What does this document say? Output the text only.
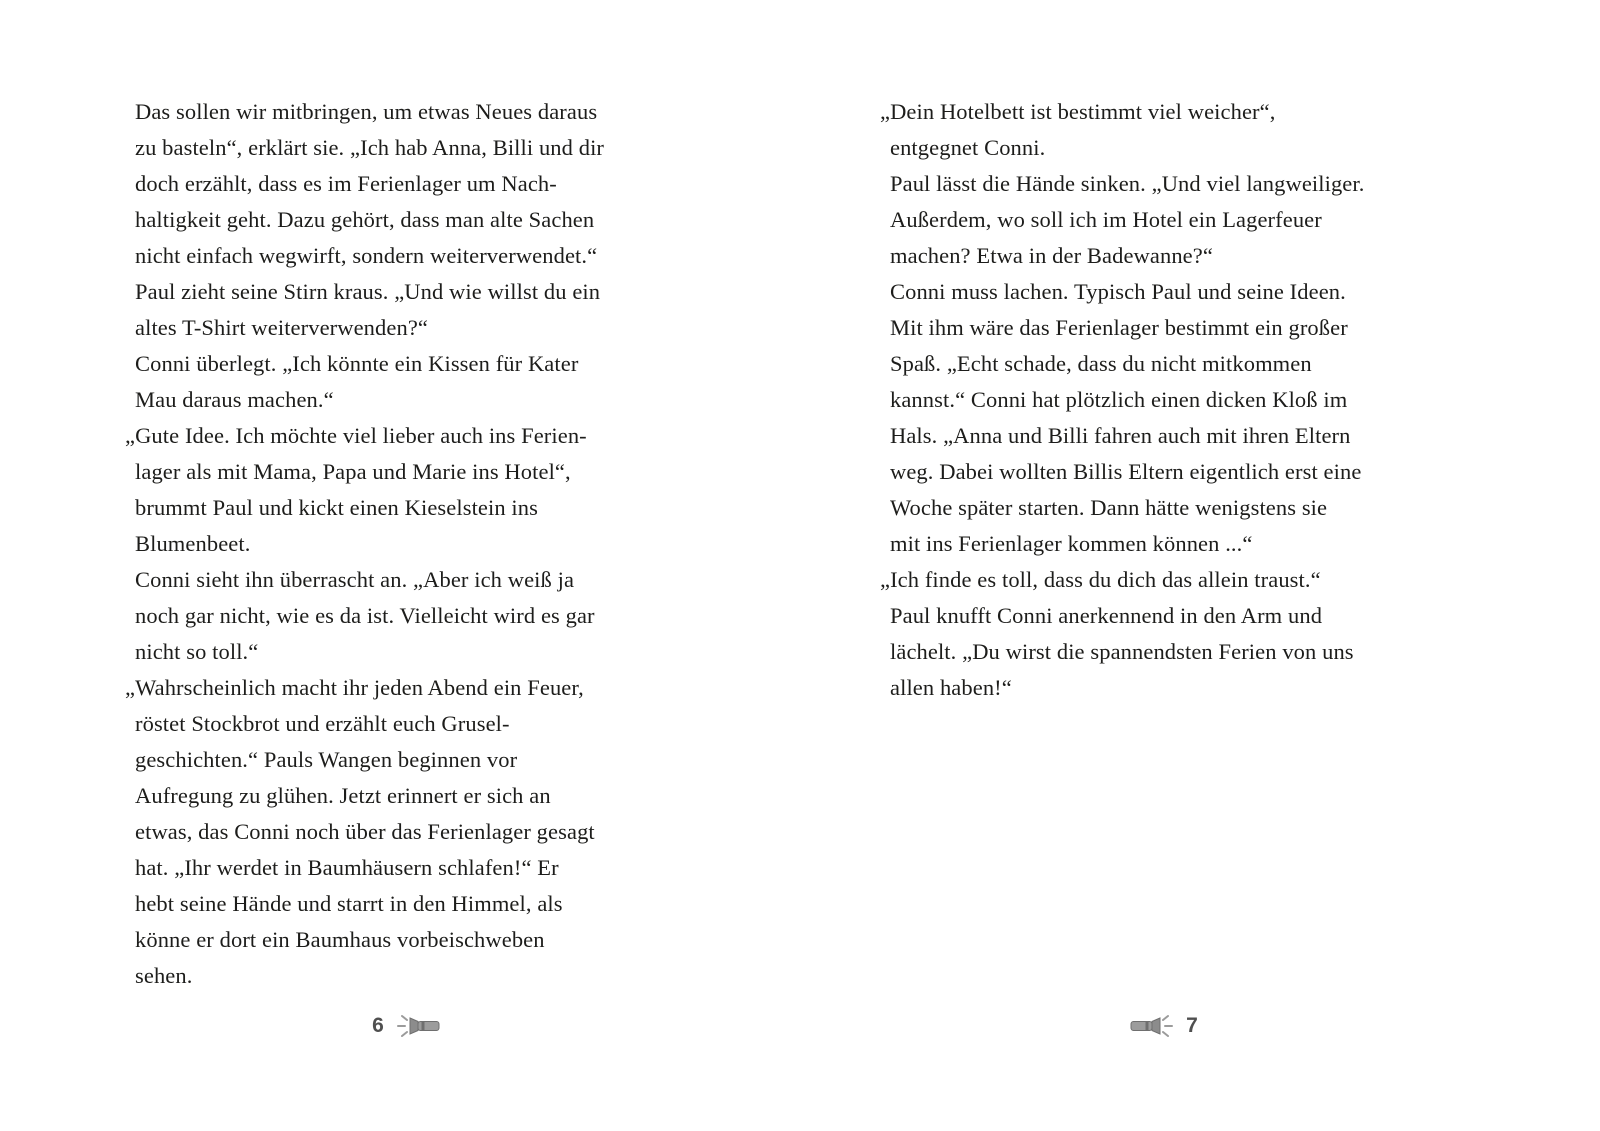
Das sollen wir mitbringen, um etwas Neues daraus
zu basteln“, erklärt sie. „Ich hab Anna, Billi und dir
doch erzählt, dass es im Ferienlager um Nach-
haltigkeit geht. Dazu gehört, dass man alte Sachen
nicht einfach wegwirft, sondern weiterverwendet.“
Paul zieht seine Stirn kraus. „Und wie willst du ein
altes T-Shirt weiterverwenden?“
Conni überlegt. „Ich könnte ein Kissen für Kater
Mau daraus machen.“
„Gute Idee. Ich möchte viel lieber auch ins Ferien-
lager als mit Mama, Papa und Marie ins Hotel“,
brummt Paul und kickt einen Kieselstein ins
Blumenbeet.
Conni sieht ihn überrascht an. „Aber ich weiß ja
noch gar nicht, wie es da ist. Vielleicht wird es gar
nicht so toll.“
„Wahrscheinlich macht ihr jeden Abend ein Feuer,
röstet Stockbrot und erzählt euch Grusel-
geschichten.“ Pauls Wangen beginnen vor
Aufregung zu glühen. Jetzt erinnert er sich an
etwas, das Conni noch über das Ferienlager gesagt
hat. „Ihr werdet in Baumhäusern schlafen!“ Er
hebt seine Hände und starrt in den Himmel, als
könne er dort ein Baumhaus vorbeischweben
sehen.
6
„Dein Hotelbett ist bestimmt viel weicher“,
entgegnet Conni.
Paul lässt die Hände sinken. „Und viel langweiliger.
Außerdem, wo soll ich im Hotel ein Lagerfeuer
machen? Etwa in der Badewanne?“
Conni muss lachen. Typisch Paul und seine Ideen.
Mit ihm wäre das Ferienlager bestimmt ein großer
Spaß. „Echt schade, dass du nicht mitkommen
kannst.“ Conni hat plötzlich einen dicken Kloß im
Hals. „Anna und Billi fahren auch mit ihren Eltern
weg. Dabei wollten Billis Eltern eigentlich erst eine
Woche später starten. Dann hätte wenigstens sie
mit ins Ferienlager kommen können ...“
„Ich finde es toll, dass du dich das allein traust.“
Paul knufft Conni anerkennend in den Arm und
lächelt. „Du wirst die spannendsten Ferien von uns
allen haben!“
7
